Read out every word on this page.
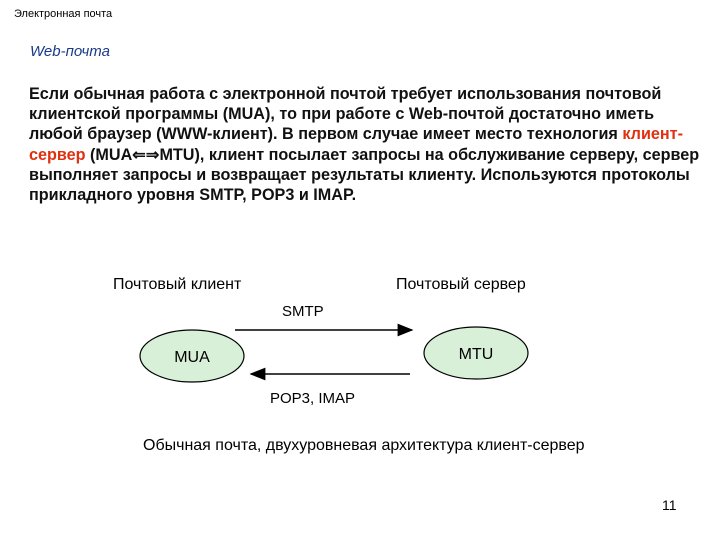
Электронная почта
Web-почта
Если обычная работа с электронной почтой требует использования почтовой клиентской программы (MUA), то при работе с Web-почтой достаточно иметь любой браузер (WWW-клиент). В первом случае имеет место технология клиент-сервер (MUA⇐⇒MTU), клиент посылает запросы на обслуживание серверу, сервер выполняет запросы и возвращает результаты клиенту. Используются протоколы прикладного уровня SMTP, POP3 и IMAP.
Почтовый клиент	Почтовый сервер
SMTP
POP3, IMAP
MUA	MTU
Обычная почта, двухуровневая архитектура клиент-сервер
11
